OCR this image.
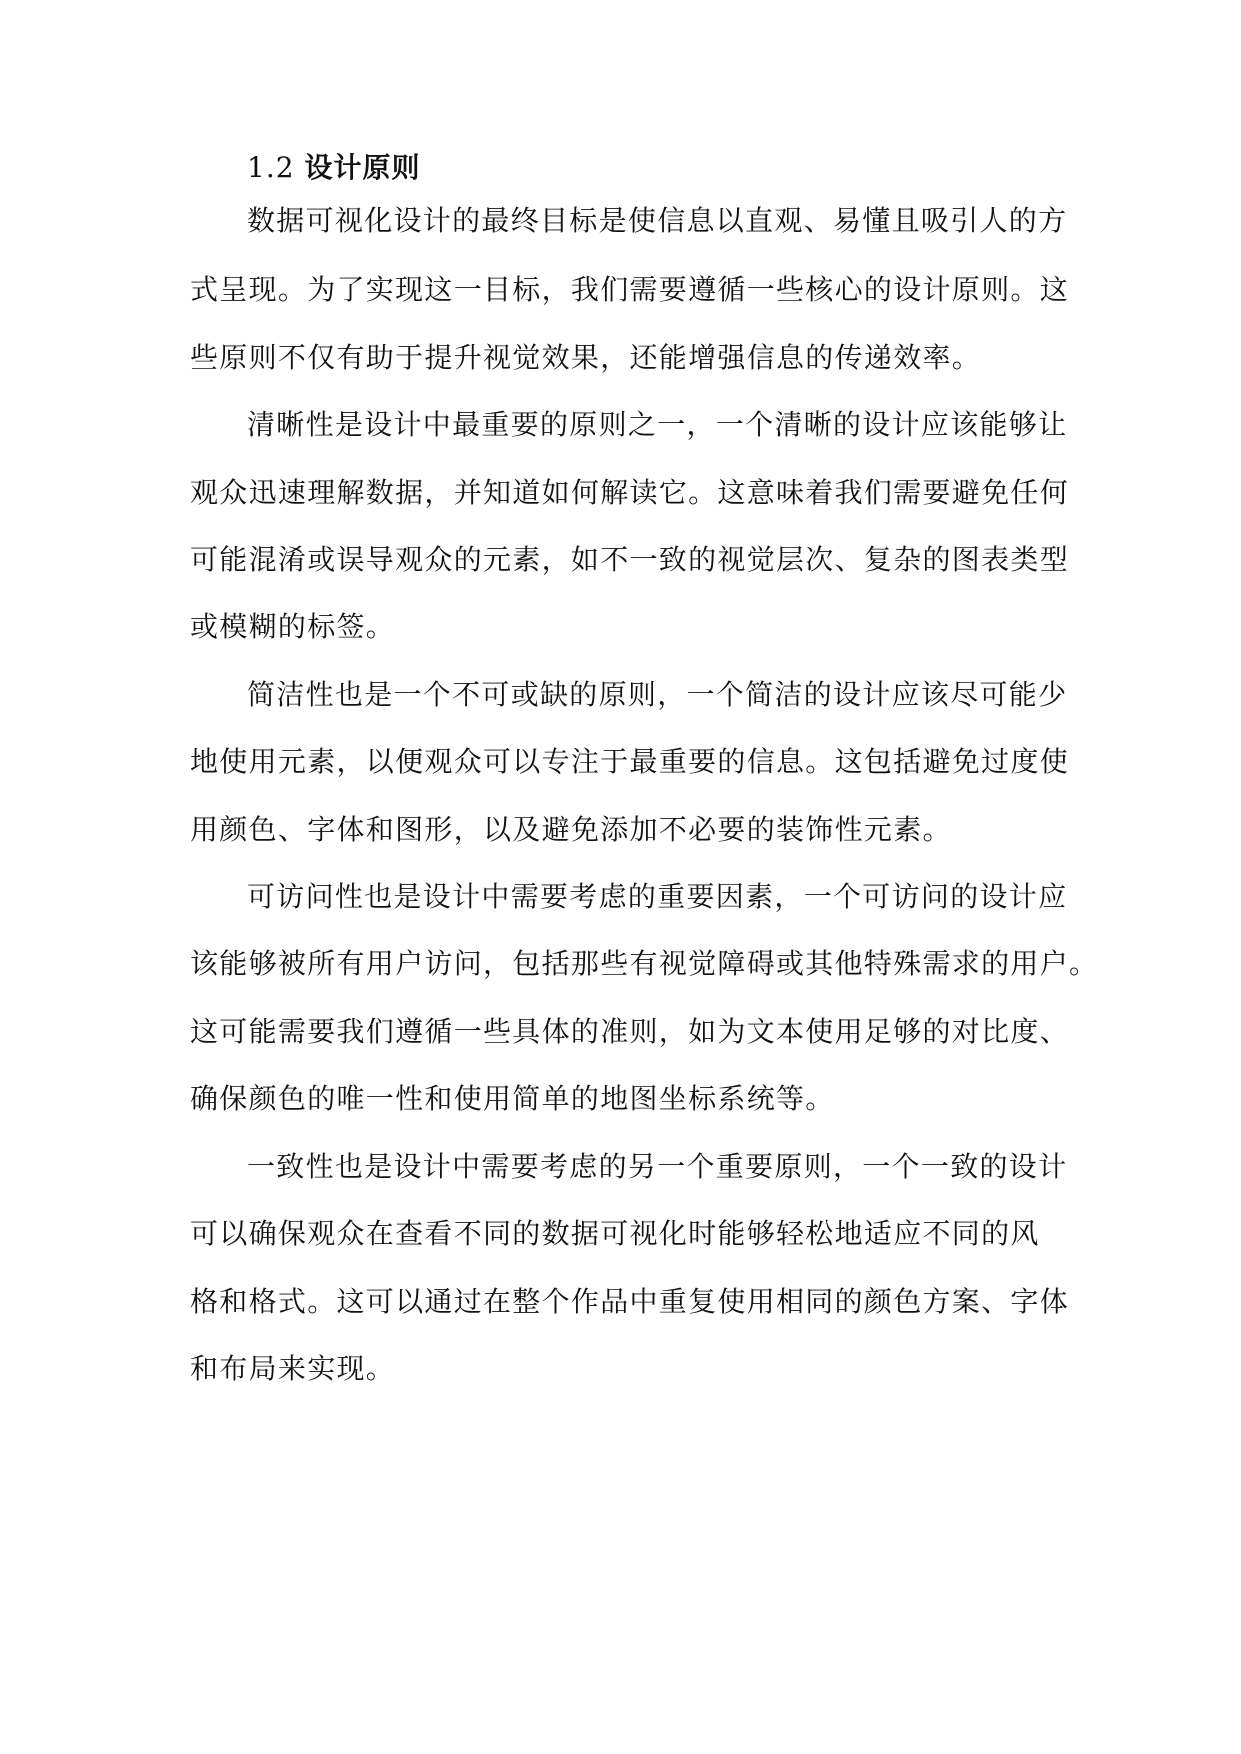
1.2 设计原则
数据可视化设计的最终目标是使信息以直观、易懂且吸引人的方
式呈现。为了实现这一目标，我们需要遵循一些核心的设计原则。这
些原则不仅有助于提升视觉效果，还能增强信息的传递效率。
清晰性是设计中最重要的原则之一，一个清晰的设计应该能够让
观众迅速理解数据，并知道如何解读它。这意味着我们需要避免任何
可能混淆或误导观众的元素，如不一致的视觉层次、复杂的图表类型
或模糊的标签。
简洁性也是一个不可或缺的原则，一个简洁的设计应该尽可能少
地使用元素，以便观众可以专注于最重要的信息。这包括避免过度使
用颜色、字体和图形，以及避免添加不必要的装饰性元素。
可访问性也是设计中需要考虑的重要因素，一个可访问的设计应
该能够被所有用户访问，包括那些有视觉障碍或其他特殊需求的用户。
这可能需要我们遵循一些具体的准则，如为文本使用足够的对比度、
确保颜色的唯一性和使用简单的地图坐标系统等。
一致性也是设计中需要考虑的另一个重要原则，一个一致的设计
可以确保观众在查看不同的数据可视化时能够轻松地适应不同的风
格和格式。这可以通过在整个作品中重复使用相同的颜色方案、字体
和布局来实现。
